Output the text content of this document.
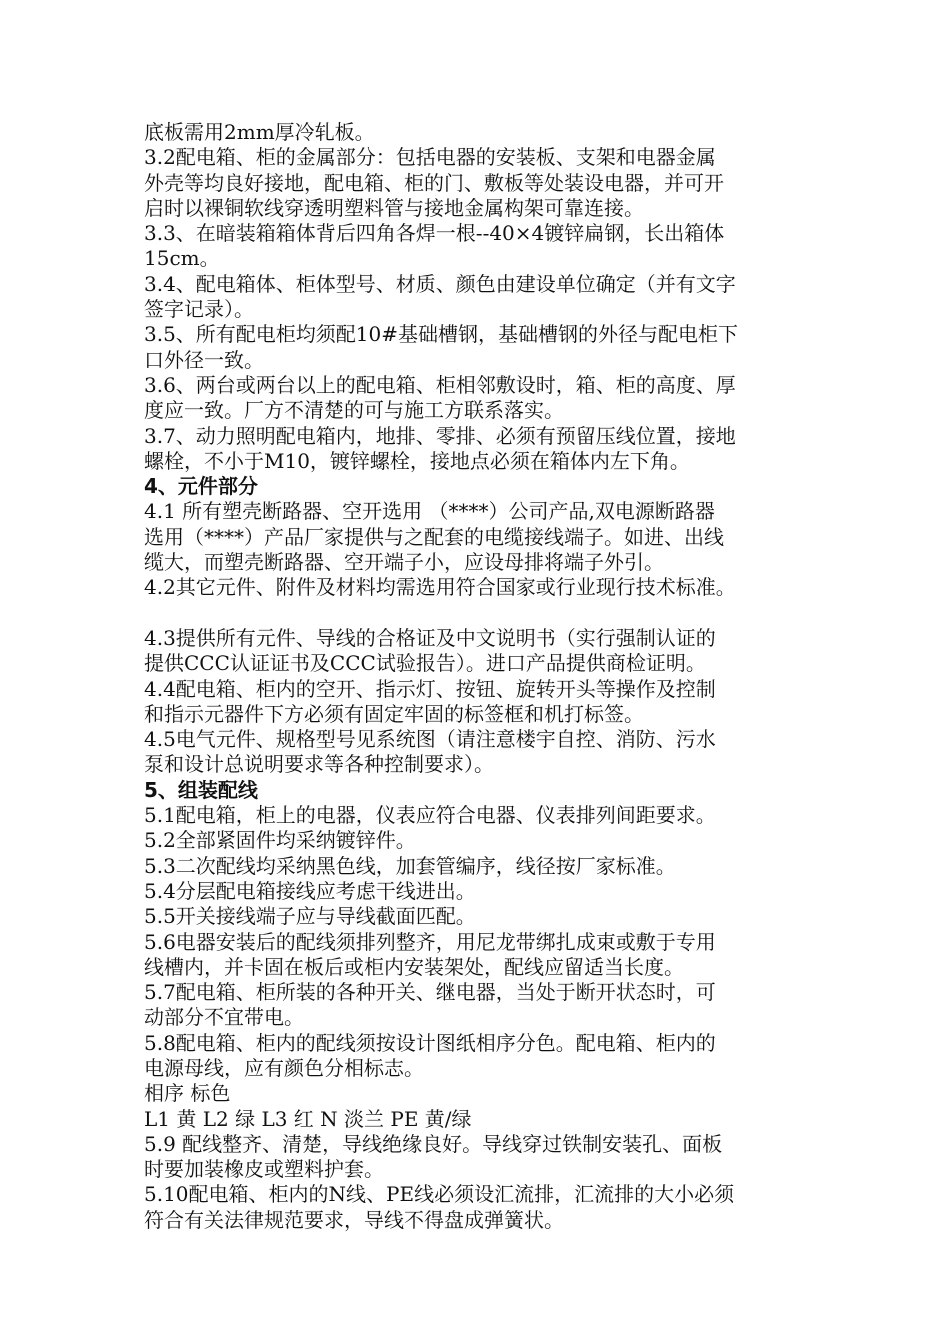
底板需用2mm厚冷轧板。
3.2配电箱、柜的金属部分：包括电器的安装板、支架和电器金属
外壳等均良好接地，配电箱、柜的门、敷板等处装设电器，并可开
启时以裸铜软线穿透明塑料管与接地金属构架可靠连接。
3.3、在暗装箱箱体背后四角各焊一根--40×4镀锌扁钢，长出箱体
15cm。
3.4、配电箱体、柜体型号、材质、颜色由建设单位确定（并有文字
签字记录）。
3.5、所有配电柜均须配10#基础槽钢，基础槽钢的外径与配电柜下
口外径一致。
3.6、两台或两台以上的配电箱、柜相邻敷设时，箱、柜的高度、厚
度应一致。厂方不清楚的可与施工方联系落实。
3.7、动力照明配电箱内，地排、零排、必须有预留压线位置，接地
螺栓，不小于M10，镀锌螺栓，接地点必须在箱体内左下角。
4、元件部分
4.1 所有塑壳断路器、空开选用 （****）公司产品,双电源断路器
选用（****）产品厂家提供与之配套的电缆接线端子。如进、出线
缆大，而塑壳断路器、空开端子小，应设母排将端子外引。
4.2其它元件、附件及材料均需选用符合国家或行业现行技术标准。
4.3提供所有元件、导线的合格证及中文说明书（实行强制认证的
提供CCC认证证书及CCC试验报告）。进口产品提供商检证明。
4.4配电箱、柜内的空开、指示灯、按钮、旋转开头等操作及控制
和指示元器件下方必须有固定牢固的标签框和机打标签。
4.5电气元件、规格型号见系统图（请注意楼宇自控、消防、污水
泵和设计总说明要求等各种控制要求）。
5、组装配线
5.1配电箱，柜上的电器，仪表应符合电器、仪表排列间距要求。
5.2全部紧固件均采纳镀锌件。
5.3二次配线均采纳黑色线，加套管编序，线径按厂家标准。
5.4分层配电箱接线应考虑干线进出。
5.5开关接线端子应与导线截面匹配。
5.6电器安装后的配线须排列整齐，用尼龙带绑扎成束或敷于专用
线槽内，并卡固在板后或柜内安装架处，配线应留适当长度。
5.7配电箱、柜所装的各种开关、继电器，当处于断开状态时，可
动部分不宜带电。
5.8配电箱、柜内的配线须按设计图纸相序分色。配电箱、柜内的
电源母线，应有颜色分相标志。
相序 标色
L1 黄 L2 绿 L3 红 N 淡兰 PE 黄/绿
5.9 配线整齐、清楚，导线绝缘良好。导线穿过铁制安装孔、面板
时要加装橡皮或塑料护套。
5.10配电箱、柜内的N线、PE线必须设汇流排，汇流排的大小必须
符合有关法律规范要求，导线不得盘成弹簧状。
